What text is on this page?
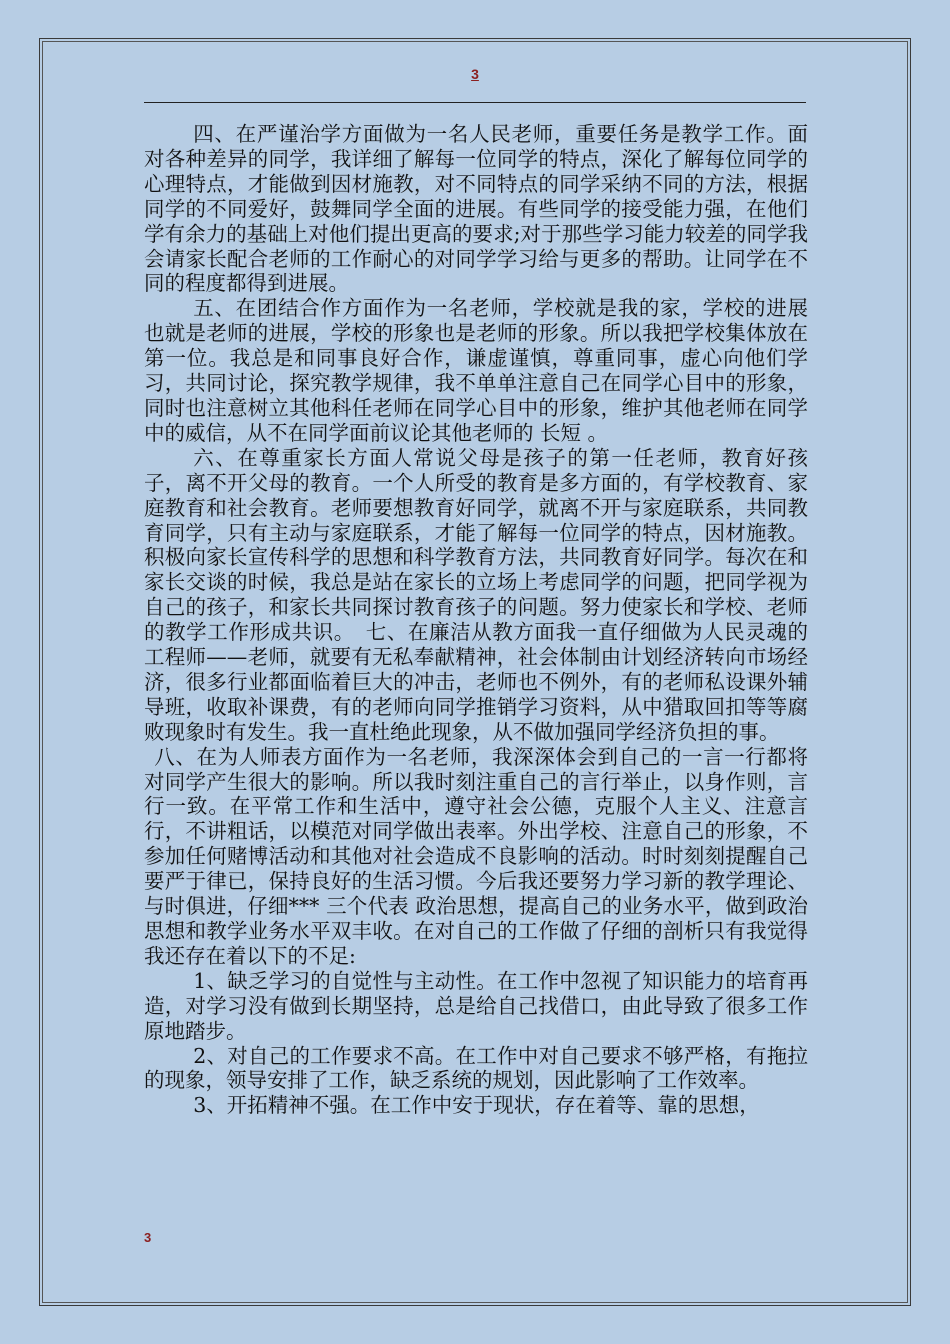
3

四、在严谨治学方面做为一名人民老师，重要任务是教学工作。面对各种差异的同学，我详细了解每一位同学的特点，深化了解每位同学的心理特点，才能做到因材施教，对不同特点的同学采纳不同的方法，根据同学的不同爱好，鼓舞同学全面的进展。有些同学的接受能力强，在他们学有余力的基础上对他们提出更高的要求;对于那些学习能力较差的同学我会请家长配合老师的工作耐心的对同学学习给与更多的帮助。让同学在不同的程度都得到进展。

五、在团结合作方面作为一名老师，学校就是我的家，学校的进展也就是老师的进展，学校的形象也是老师的形象。所以我把学校集体放在第一位。我总是和同事良好合作，谦虚谨慎，尊重同事，虚心向他们学习，共同讨论，探究教学规律，我不单单注意自己在同学心目中的形象，同时也注意树立其他科任老师在同学心目中的形象，维护其他老师在同学中的威信，从不在同学面前议论其他老师的 长短 。

六、在尊重家长方面人常说父母是孩子的第一任老师，教育好孩子，离不开父母的教育。一个人所受的教育是多方面的，有学校教育、家庭教育和社会教育。老师要想教育好同学，就离不开与家庭联系，共同教育同学，只有主动与家庭联系，才能了解每一位同学的特点，因材施教。积极向家长宣传科学的思想和科学教育方法，共同教育好同学。每次在和家长交谈的时候，我总是站在家长的立场上考虑同学的问题，把同学视为自己的孩子，和家长共同探讨教育孩子的问题。努力使家长和学校、老师的教学工作形成共识。　七、在廉洁从教方面我一直仔细做为人民灵魂的工程师——老师，就要有无私奉献精神，社会体制由计划经济转向市场经济，很多行业都面临着巨大的冲击，老师也不例外，有的老师私设课外辅导班，收取补课费，有的老师向同学推销学习资料，从中猎取回扣等等腐败现象时有发生。我一直杜绝此现象，从不做加强同学经济负担的事。

八、在为人师表方面作为一名老师，我深深体会到自己的一言一行都将对同学产生很大的影响。所以我时刻注重自己的言行举止，以身作则，言行一致。在平常工作和生活中，遵守社会公德，克服个人主义、注意言行，不讲粗话，以模范对同学做出表率。外出学校、注意自己的形象，不参加任何赌博活动和其他对社会造成不良影响的活动。时时刻刻提醒自己要严于律已，保持良好的生活习惯。今后我还要努力学习新的教学理论、与时俱进，仔细*** 三个代表 政治思想，提高自己的业务水平，做到政治思想和教学业务水平双丰收。在对自己的工作做了仔细的剖析只有我觉得我还存在着以下的不足:

1、缺乏学习的自觉性与主动性。在工作中忽视了知识能力的培育再造，对学习没有做到长期坚持，总是给自己找借口，由此导致了很多工作原地踏步。

2、对自己的工作要求不高。在工作中对自己要求不够严格，有拖拉的现象，领导安排了工作，缺乏系统的规划，因此影响了工作效率。

3、开拓精神不强。在工作中安于现状，存在着等、靠的思想，

3
